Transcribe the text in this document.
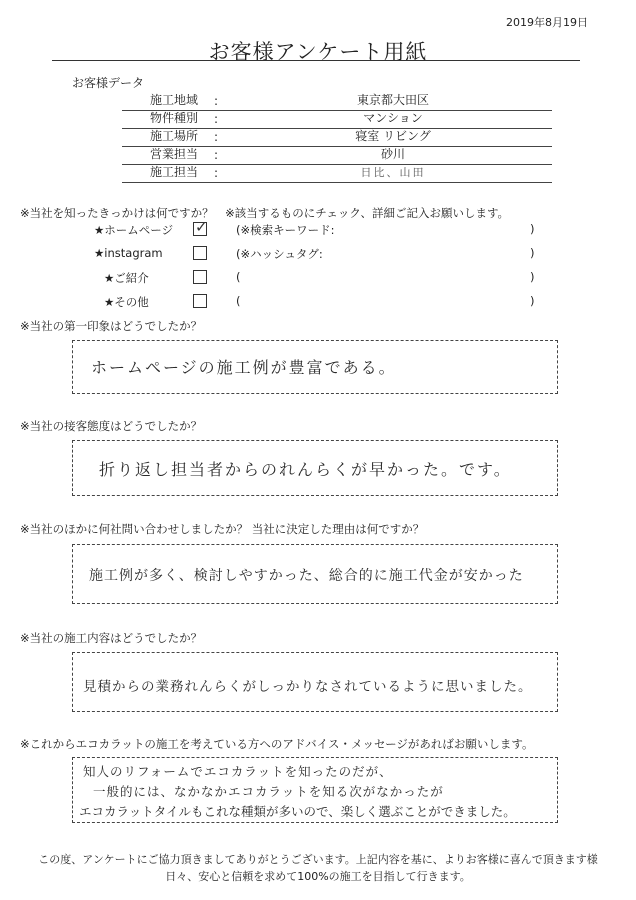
2019年8月19日
お客様アンケート用紙
お客様データ
施工地域	:	東京都大田区
物件種別	:	マンション
施工場所	:	寝室 リビング
営業担当	:	砂川
施工担当	:	日比、山田
※当社を知ったきっかけは何ですか？　※該当するものにチェック、詳細ご記入お願いします。
★ホームページ
✓	(※検索キーワード:	)
★instagram	(※ハッシュタグ:	)
★ご紹介	(	)
★その他	(	)
※当社の第一印象はどうでしたか？
ホームページの施工例が豊富である。
※当社の接客態度はどうでしたか？
折り返し担当者からのれんらくが早かった。です。
※当社のほかに何社問い合わせしましたか？ 当社に決定した理由は何ですか？
施工例が多く、検討しやすかった、総合的に施工代金が安かった
※当社の施工内容はどうでしたか？
見積からの業務れんらくがしっかりなされているように思いました。
※これからエコカラットの施工を考えている方へのアドバイス・メッセージがあればお願いします。
知人のリフォームでエコカラットを知ったのだが、
一般的には、なかなかエコカラットを知る次がなかったが
エコカラットタイルもこれな種類が多いので、楽しく選ぶことができました。
この度、アンケートにご協力頂きましてありがとうございます。上記内容を基に、よりお客様に喜んで頂きます様
日々、安心と信頼を求めて100%の施工を目指して行きます。
